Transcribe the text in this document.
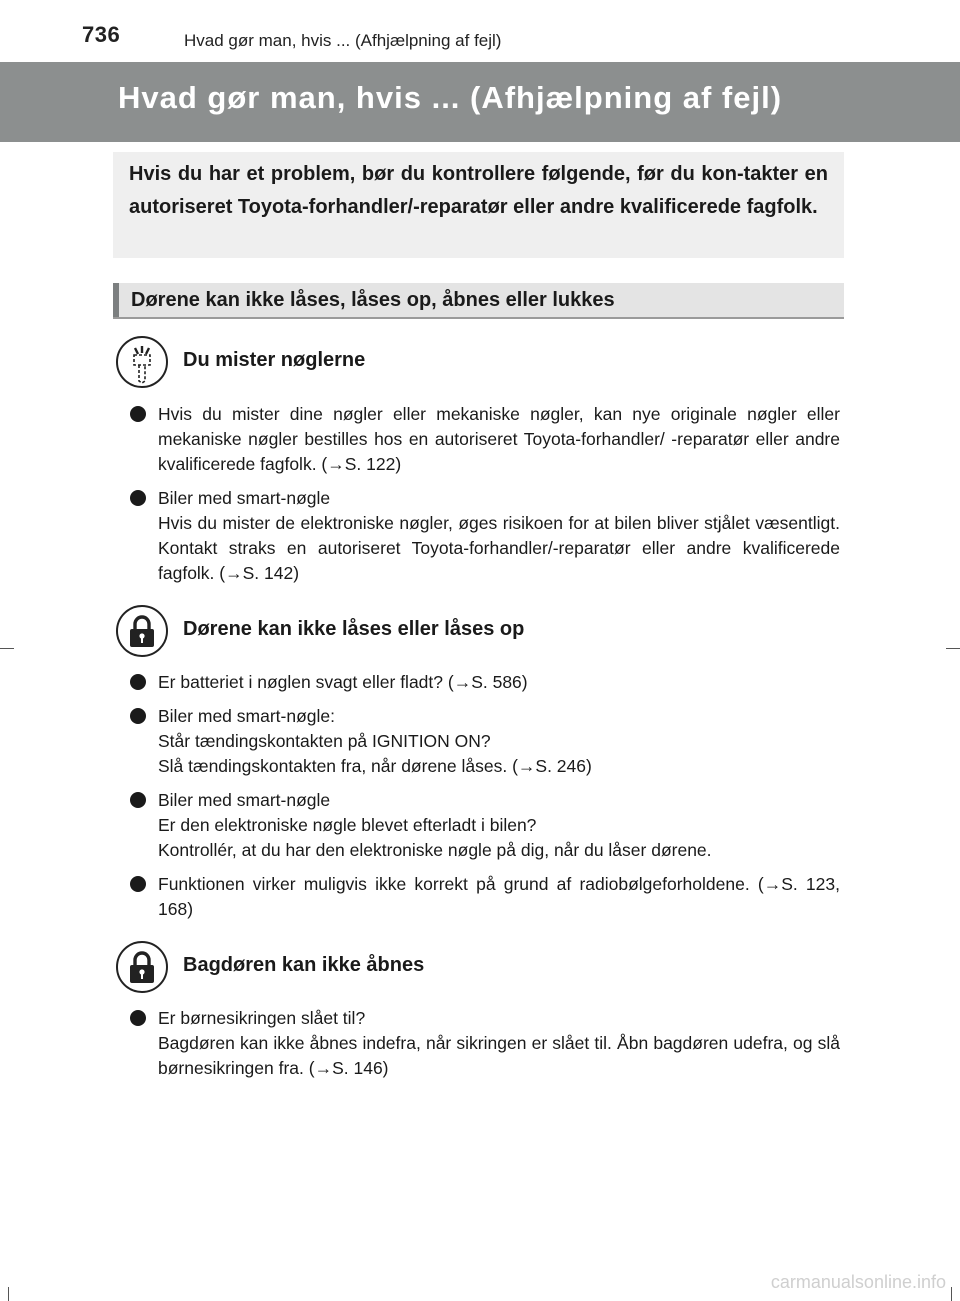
736	Hvad gør man, hvis ... (Afhjælpning af fejl)
Hvad gør man, hvis ... (Afhjælpning af fejl)

Hvis du har et problem, bør du kontrollere følgende, før du kon-takter en autoriseret Toyota-forhandler/-reparatør eller andre kvalificerede fagfolk.

Dørene kan ikke låses, låses op, åbnes eller lukkes
Du mister nøglerne
Hvis du mister dine nøgler eller mekaniske nøgler, kan nye originale nøgler eller mekaniske nøgler bestilles hos en autoriseret Toyota-forhandler/ -reparatør eller andre kvalificerede fagfolk. (→S. 122)
Biler med smart-nøgle
Hvis du mister de elektroniske nøgler, øges risikoen for at bilen bliver stjålet væsentligt. Kontakt straks en autoriseret Toyota-forhandler/-reparatør eller andre kvalificerede fagfolk. (→S. 142)
Dørene kan ikke låses eller låses op
Er batteriet i nøglen svagt eller fladt? (→S. 586)
Biler med smart-nøgle:
Står tændingskontakten på IGNITION ON?
Slå tændingskontakten fra, når dørene låses. (→S. 246)
Biler med smart-nøgle
Er den elektroniske nøgle blevet efterladt i bilen?
Kontrollér, at du har den elektroniske nøgle på dig, når du låser dørene.
Funktionen virker muligvis ikke korrekt på grund af radiobølgeforholdene. (→S. 123, 168)
Bagdøren kan ikke åbnes
Er børnesikringen slået til?
Bagdøren kan ikke åbnes indefra, når sikringen er slået til. Åbn bagdøren udefra, og slå børnesikringen fra. (→S. 146)
carmanualsonline.info
